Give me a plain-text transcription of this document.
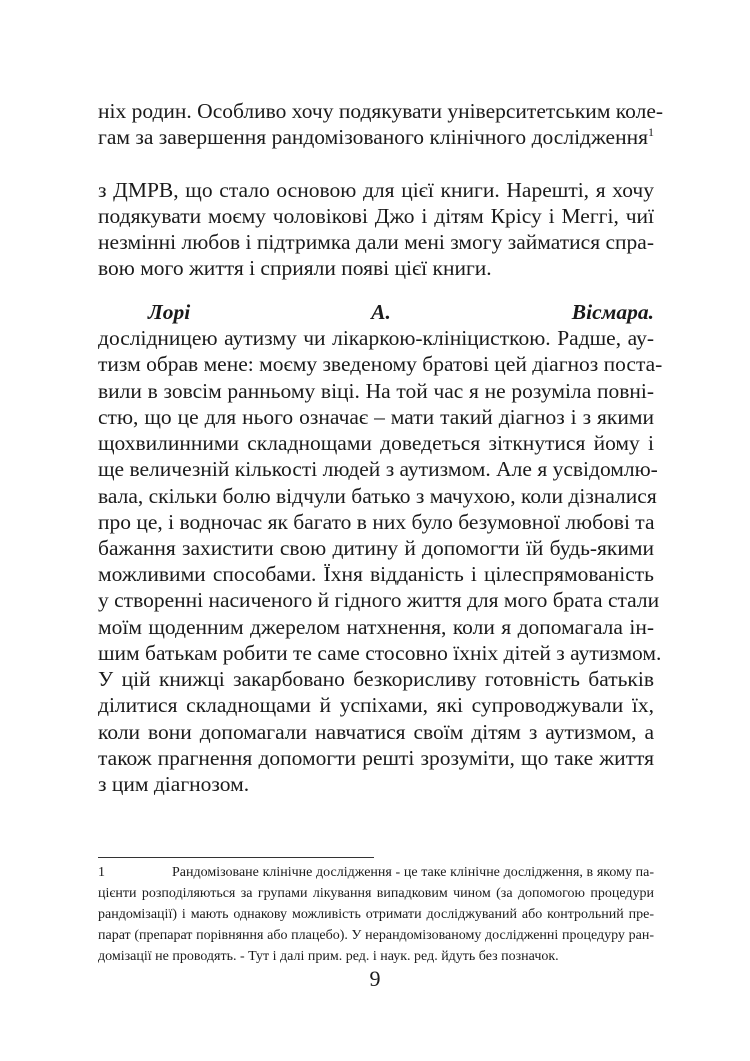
ніх родин. Особливо хочу подякувати університетським коле-
гам за завершення рандомізованого клінічного дослідження$^1$
з ДМРВ, що стало основою для цієї книги. Нарешті, я хочу
подякувати моєму чоловікові Джо і дітям Крісу і Меггі, чиї
незмінні любов і підтримка дали мені змогу займатися спра-
вою мого життя і сприяли появі цієї книги.
Лорі А. Вісмара.
дослідницею аутизму чи лікаркою-клініцисткою. Радше, ау-
тизм обрав мене: моєму зведеному братові цей діагноз поста-
вили в зовсім ранньому віці. На той час я не розуміла повні-
стю, що це для нього означає – мати такий діагноз і з якими
щохвилинними складнощами доведеться зіткнутися йому і
ще величезній кількості людей з аутизмом. Але я усвідомлю-
вала, скільки болю відчули батько з мачухою, коли дізналися
про це, і водночас як багато в них було безумовної любові та
бажання захистити свою дитину й допомогти їй будь-якими
можливими способами. Їхня відданість і цілеспрямованість
у створенні насиченого й гідного життя для мого брата стали
моїм щоденним джерелом натхнення, коли я допомагала ін-
шим батькам робити те саме стосовно їхніх дітей з аутизмом.
У цій книжці закарбовано безкорисливу готовність батьків
ділитися складнощами й успіхами, які супроводжували їх,
коли вони допомагали навчатися своїм дітям з аутизмом, а
також прагнення допомогти решті зрозуміти, що таке життя
з цим діагнозом.
1	Рандомізоване клінічне дослідження - це таке клінічне дослідження, в якому па-
цієнти розподіляються за групами лікування випадковим чином (за допомогою процедури
рандомізації) і мають однакову можливість отримати досліджуваний або контрольний пре-
парат (препарат порівняння або плацебо). У нерандомізованому дослідженні процедуру ран-
домізації не проводять. - Тут і далі прим. ред. і наук. ред. йдуть без позначок.
9
